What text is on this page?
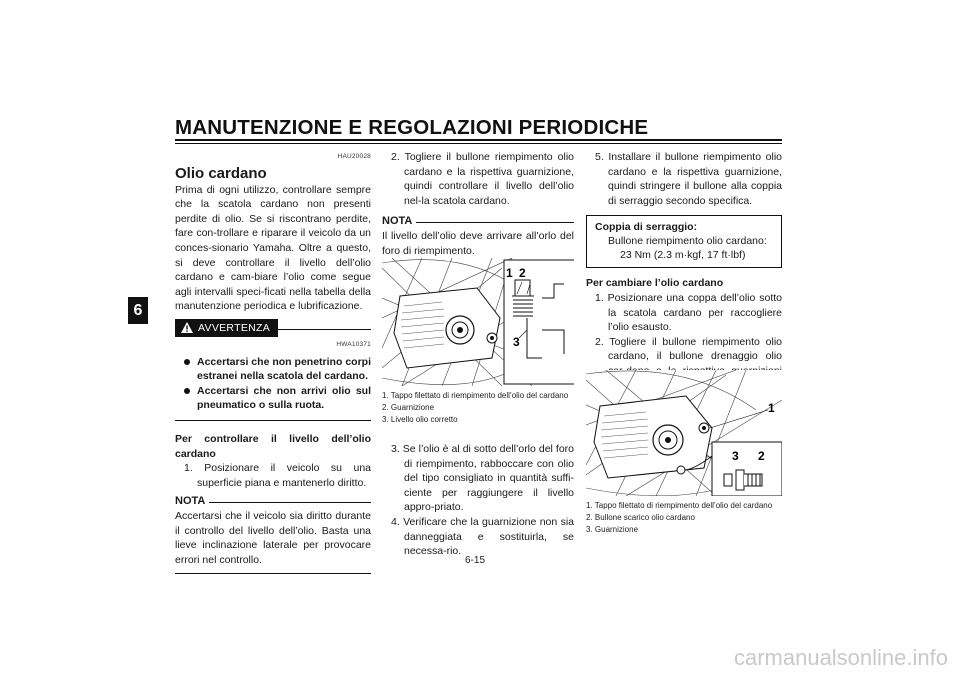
MANUTENZIONE E REGOLAZIONI PERIODICHE
6
HAU20028

Olio cardano

Prima di ogni utilizzo, controllare sempre che la scatola cardano non presenti perdite di olio. Se si riscontrano perdite, fare con-trollare e riparare il veicolo da un conces-sionario Yamaha. Oltre a questo, si deve controllare il livello dell’olio cardano e cam-biare l’olio come segue agli intervalli speci-ficati nella tabella della manutenzione periodica e lubrificazione.

AVVERTENZA
HWA10371
Accertarsi che non penetrino corpi estranei nella scatola del cardano.
Accertarsi che non arrivi olio sul pneumatico o sulla ruota.

Per controllare il livello dell’olio cardano

1. Posizionare il veicolo su una superficie piana e mantenerlo diritto.

NOTA

Accertarsi che il veicolo sia diritto durante il controllo del livello dell’olio. Basta una lieve inclinazione laterale per provocare errori nel controllo.

2. Togliere il bullone riempimento olio cardano e la rispettiva guarnizione, quindi controllare il livello dell’olio nel-la scatola cardano.

NOTA

Il livello dell’olio deve arrivare all’orlo del foro di riempimento.

1 2
3

1. Tappo filettato di riempimento dell’olio del cardano

2. Guarnizione

3. Livello olio corretto

3. Se l’olio è al di sotto dell’orlo del foro di riempimento, rabboccare con olio del tipo consigliato in quantità suffi-ciente per raggiungere il livello appro-priato.

4. Verificare che la guarnizione non sia danneggiata e sostituirla, se necessa-rio.

5. Installare il bullone riempimento olio cardano e la rispettiva guarnizione, quindi stringere il bullone alla coppia di serraggio secondo specifica.

Coppia di serraggio:
Bullone riempimento olio cardano:
23 Nm (2.3 m·kgf, 17 ft·lbf)

Per cambiare l’olio cardano

1. Posizionare una coppa dell’olio sotto la scatola cardano per raccogliere l’olio esausto.

2. Togliere il bullone riempimento olio cardano, il bullone drenaggio olio

1
3 2

1. Tappo filettato di riempimento dell’olio del cardano

2. Bullone scarico olio cardano

3. Guarnizione

6-15
carmanualsonline.info
